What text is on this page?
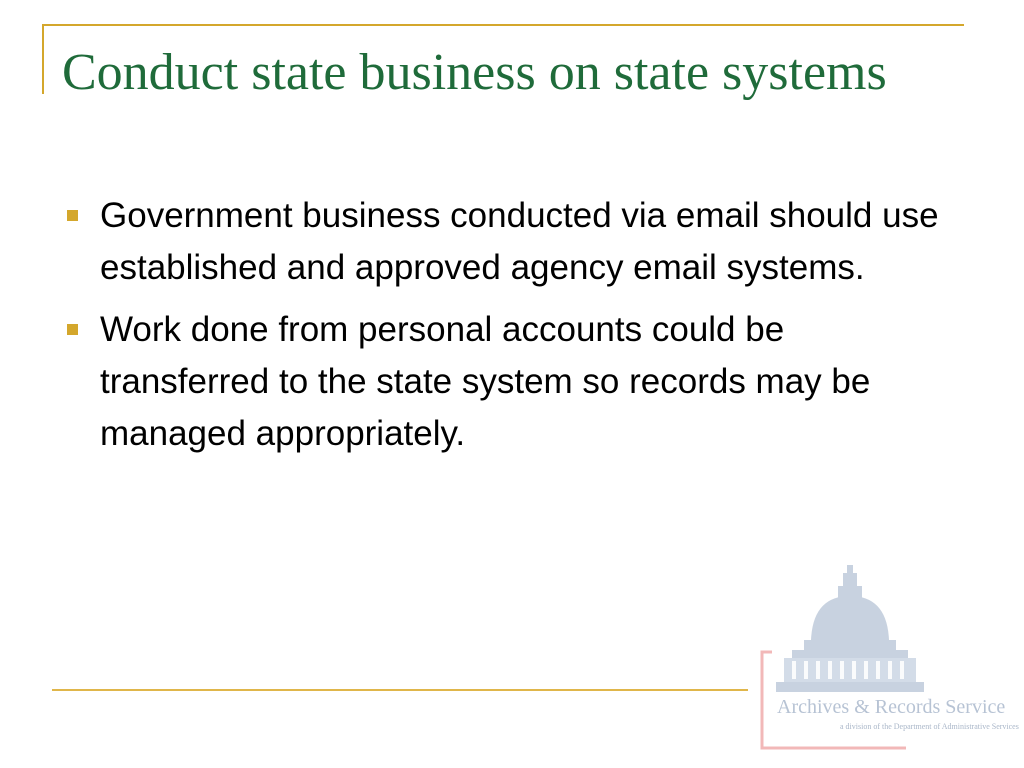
Conduct state business on state systems
Government business conducted via email should use established and approved agency email systems.
Work done from personal accounts could be transferred to the state system so records may be managed appropriately.
Archives & Records Service
a division of the Department of Administrative Services
